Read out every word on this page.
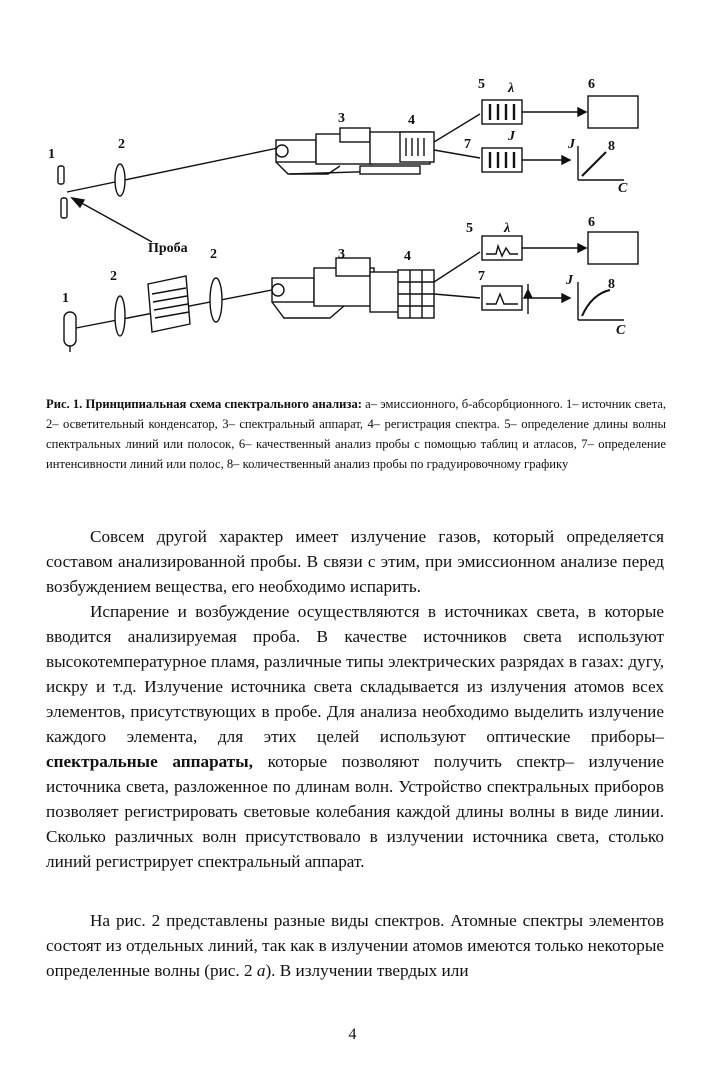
1
2
3	4
5 λ	6
7
J
J 8
C
Проба 2
2
1
3	4
5 λ	6
7	J	8
C
Рис. 1. Принципиальная схема спектрального анализа: а– эмиссионного, б-абсорбционного. 1– источник света, 2– осветительный конденсатор, 3– спектральный аппарат, 4– регистрация спектра. 5– определение длины волны спектральных линий или полосок, 6– качественный анализ пробы с помощью таблиц и атласов, 7– определение интенсивности линий или полос, 8– количественный анализ пробы по градуировочному графику
Совсем другой характер имеет излучение газов, который определяется составом анализированной пробы. В связи с этим, при эмиссионном анализе перед возбуждением вещества, его необходимо испарить.
Испарение и возбуждение осуществляются в источниках света, в которые вводится анализируемая проба. В качестве источников света используют высокотемпературное пламя, различные типы электрических разрядах в газах: дугу, искру и т.д. Излучение источника света складывается из излучения атомов всех элементов, присутствующих в пробе. Для анализа необходимо выделить излучение каждого элемента, для этих целей используют оптические приборы– спектральные аппараты, которые позволяют получить спектр– излучение источника света, разложенное по длинам волн. Устройство спектральных приборов позволяет регистрировать световые колебания каждой длины волны в виде линии. Сколько различных волн присутствовало в излучении источника света, столько линий регистрирует спектральный аппарат.
На рис. 2 представлены разные виды спектров. Атомные спектры элементов состоят из отдельных линий, так как в излучении атомов имеются только некоторые определенные волны (рис. 2 а). В излучении твердых или
4
